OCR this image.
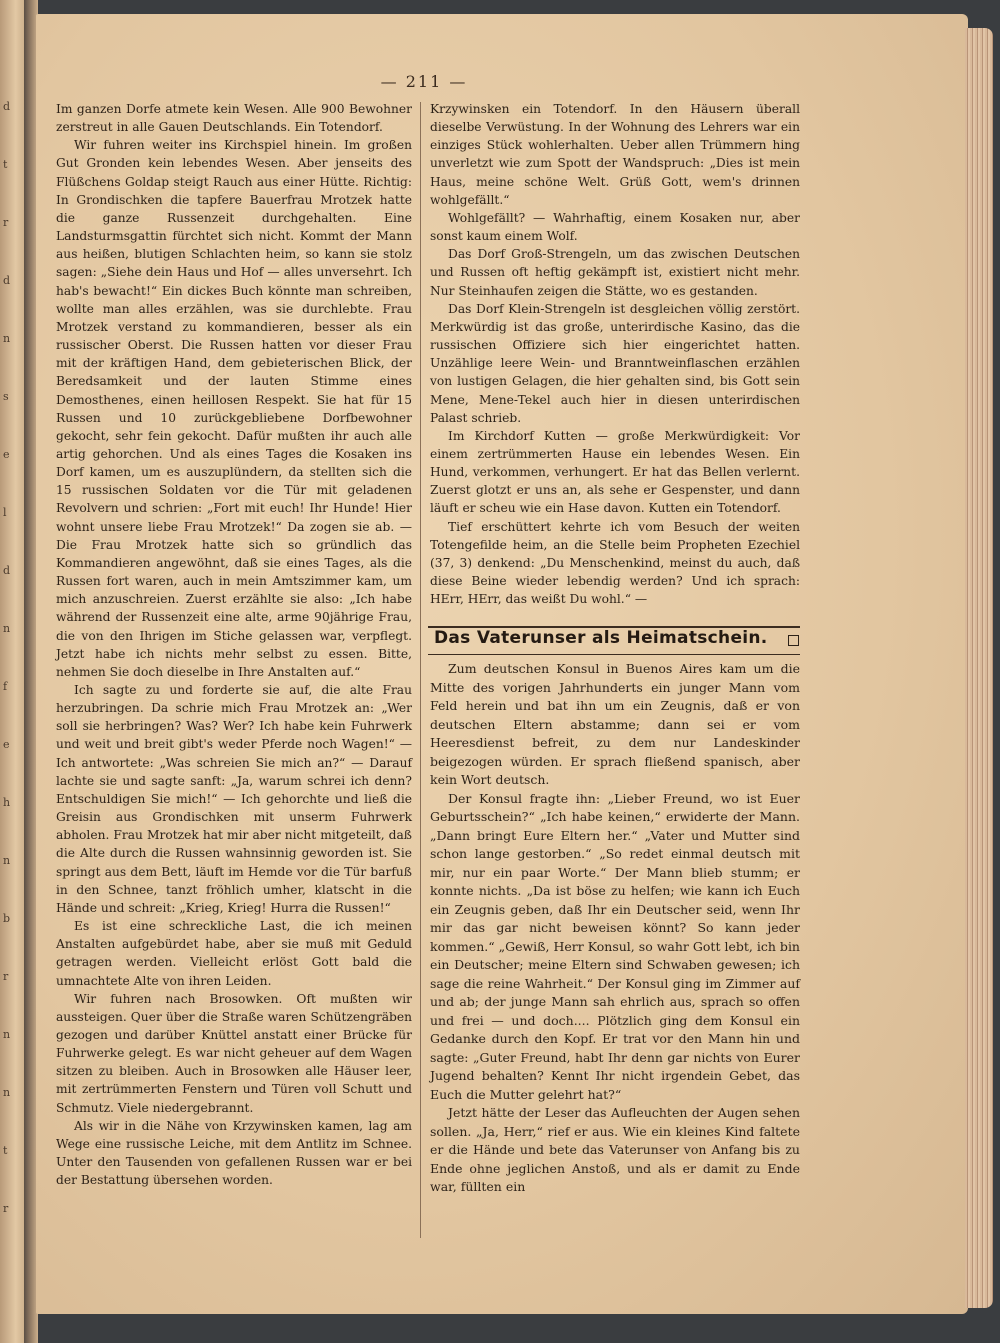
d
t
r
d
n
s
e
l
d
n
f
e
h
n
b
r
n
n
t
r
— 211 —

Im ganzen Dorfe atmete kein Wesen. Alle 900 Bewohner zerstreut in alle Gauen Deutschlands. Ein Totendorf.

Wir fuhren weiter ins Kirchspiel hinein. Im großen Gut Gronden kein lebendes Wesen. Aber jenseits des Flüßchens Goldap steigt Rauch aus einer Hütte. Richtig: In Grondischken die tapfere Bauerfrau Mrotzek hatte die ganze Russenzeit durchgehalten. Eine Landsturmsgattin fürchtet sich nicht. Kommt der Mann aus heißen, blutigen Schlachten heim, so kann sie stolz sagen: „Siehe dein Haus und Hof — alles unversehrt. Ich hab's bewacht!“ Ein dickes Buch könnte man schreiben, wollte man alles erzählen, was sie durchlebte. Frau Mrotzek verstand zu kommandieren, besser als ein russischer Oberst. Die Russen hatten vor dieser Frau mit der kräftigen Hand, dem gebieterischen Blick, der Beredsamkeit und der lauten Stimme eines Demosthenes, einen heillosen Respekt. Sie hat für 15 Russen und 10 zurückgebliebene Dorfbewohner gekocht, sehr fein gekocht. Dafür mußten ihr auch alle artig gehorchen. Und als eines Tages die Kosaken ins Dorf kamen, um es auszuplündern, da stellten sich die 15 russischen Soldaten vor die Tür mit geladenen Revolvern und schrien: „Fort mit euch! Ihr Hunde! Hier wohnt unsere liebe Frau Mrotzek!“ Da zogen sie ab. — Die Frau Mrotzek hatte sich so gründlich das Kommandieren angewöhnt, daß sie eines Tages, als die Russen fort waren, auch in mein Amtszimmer kam, um mich anzuschreien. Zuerst erzählte sie also: „Ich habe während der Russenzeit eine alte, arme 90jährige Frau, die von den Ihrigen im Stiche gelassen war, verpflegt. Jetzt habe ich nichts mehr selbst zu essen. Bitte, nehmen Sie doch dieselbe in Ihre Anstalten auf.“

Ich sagte zu und forderte sie auf, die alte Frau herzubringen. Da schrie mich Frau Mrotzek an: „Wer soll sie herbringen? Was? Wer? Ich habe kein Fuhrwerk und weit und breit gibt's weder Pferde noch Wagen!“ — Ich antwortete: „Was schreien Sie mich an?“ — Darauf lachte sie und sagte sanft: „Ja, warum schrei ich denn? Entschuldigen Sie mich!“ — Ich gehorchte und ließ die Greisin aus Grondischken mit unserm Fuhrwerk abholen. Frau Mrotzek hat mir aber nicht mitgeteilt, daß die Alte durch die Russen wahnsinnig geworden ist. Sie springt aus dem Bett, läuft im Hemde vor die Tür barfuß in den Schnee, tanzt fröhlich umher, klatscht in die Hände und schreit: „Krieg, Krieg! Hurra die Russen!“

Es ist eine schreckliche Last, die ich meinen Anstalten aufgebürdet habe, aber sie muß mit Geduld getragen werden. Vielleicht erlöst Gott bald die umnachtete Alte von ihren Leiden.

Wir fuhren nach Brosowken. Oft mußten wir aussteigen. Quer über die Straße waren Schützengräben gezogen und darüber Knüttel anstatt einer Brücke für Fuhrwerke gelegt. Es war nicht geheuer auf dem Wagen sitzen zu bleiben. Auch in Brosowken alle Häuser leer, mit zertrümmerten Fenstern und Türen voll Schutt und Schmutz. Viele niedergebrannt.

Als wir in die Nähe von Krzywinsken kamen, lag am Wege eine russische Leiche, mit dem Antlitz im Schnee. Unter den Tausenden von gefallenen Russen war er bei der Bestattung übersehen worden.

Krzywinsken ein Totendorf. In den Häusern überall dieselbe Verwüstung. In der Wohnung des Lehrers war ein einziges Stück wohlerhalten. Ueber allen Trümmern hing unverletzt wie zum Spott der Wandspruch: „Dies ist mein Haus, meine schöne Welt. Grüß Gott, wem's drinnen wohlgefällt.“

Wohlgefällt? — Wahrhaftig, einem Kosaken nur, aber sonst kaum einem Wolf.

Das Dorf Groß-Strengeln, um das zwischen Deutschen und Russen oft heftig gekämpft ist, existiert nicht mehr. Nur Steinhaufen zeigen die Stätte, wo es gestanden.

Das Dorf Klein-Strengeln ist desgleichen völlig zerstört. Merkwürdig ist das große, unterirdische Kasino, das die russischen Offiziere sich hier eingerichtet hatten. Unzählige leere Wein- und Branntweinflaschen erzählen von lustigen Gelagen, die hier gehalten sind, bis Gott sein Mene, Mene-Tekel auch hier in diesen unterirdischen Palast schrieb.

Im Kirchdorf Kutten — große Merkwürdigkeit: Vor einem zertrümmerten Hause ein lebendes Wesen. Ein Hund, verkommen, verhungert. Er hat das Bellen verlernt. Zuerst glotzt er uns an, als sehe er Gespenster, und dann läuft er scheu wie ein Hase davon. Kutten ein Totendorf.

Tief erschüttert kehrte ich vom Besuch der weiten Totengefilde heim, an die Stelle beim Propheten Ezechiel (37, 3) denkend: „Du Menschenkind, meinst du auch, daß diese Beine wieder lebendig werden? Und ich sprach: HErr, HErr, das weißt Du wohl.“ —

Das Vaterunser als Heimatschein.

Zum deutschen Konsul in Buenos Aires kam um die Mitte des vorigen Jahrhunderts ein junger Mann vom Feld herein und bat ihn um ein Zeugnis, daß er von deutschen Eltern abstamme; dann sei er vom Heeresdienst befreit, zu dem nur Landeskinder beigezogen würden. Er sprach fließend spanisch, aber kein Wort deutsch.

Der Konsul fragte ihn: „Lieber Freund, wo ist Euer Geburtsschein?“ „Ich habe keinen,“ erwiderte der Mann. „Dann bringt Eure Eltern her.“ „Vater und Mutter sind schon lange gestorben.“ „So redet einmal deutsch mit mir, nur ein paar Worte.“ Der Mann blieb stumm; er konnte nichts. „Da ist böse zu helfen; wie kann ich Euch ein Zeugnis geben, daß Ihr ein Deutscher seid, wenn Ihr mir das gar nicht beweisen könnt? So kann jeder kommen.“ „Gewiß, Herr Konsul, so wahr Gott lebt, ich bin ein Deutscher; meine Eltern sind Schwaben gewesen; ich sage die reine Wahrheit.“ Der Konsul ging im Zimmer auf und ab; der junge Mann sah ehrlich aus, sprach so offen und frei — und doch.... Plötzlich ging dem Konsul ein Gedanke durch den Kopf. Er trat vor den Mann hin und sagte: „Guter Freund, habt Ihr denn gar nichts von Eurer Jugend behalten? Kennt Ihr nicht irgendein Gebet, das Euch die Mutter gelehrt hat?“

Jetzt hätte der Leser das Aufleuchten der Augen sehen sollen. „Ja, Herr,“ rief er aus. Wie ein kleines Kind faltete er die Hände und bete das Vaterunser von Anfang bis zu Ende ohne jeglichen Anstoß, und als er damit zu Ende war, füllten ein
